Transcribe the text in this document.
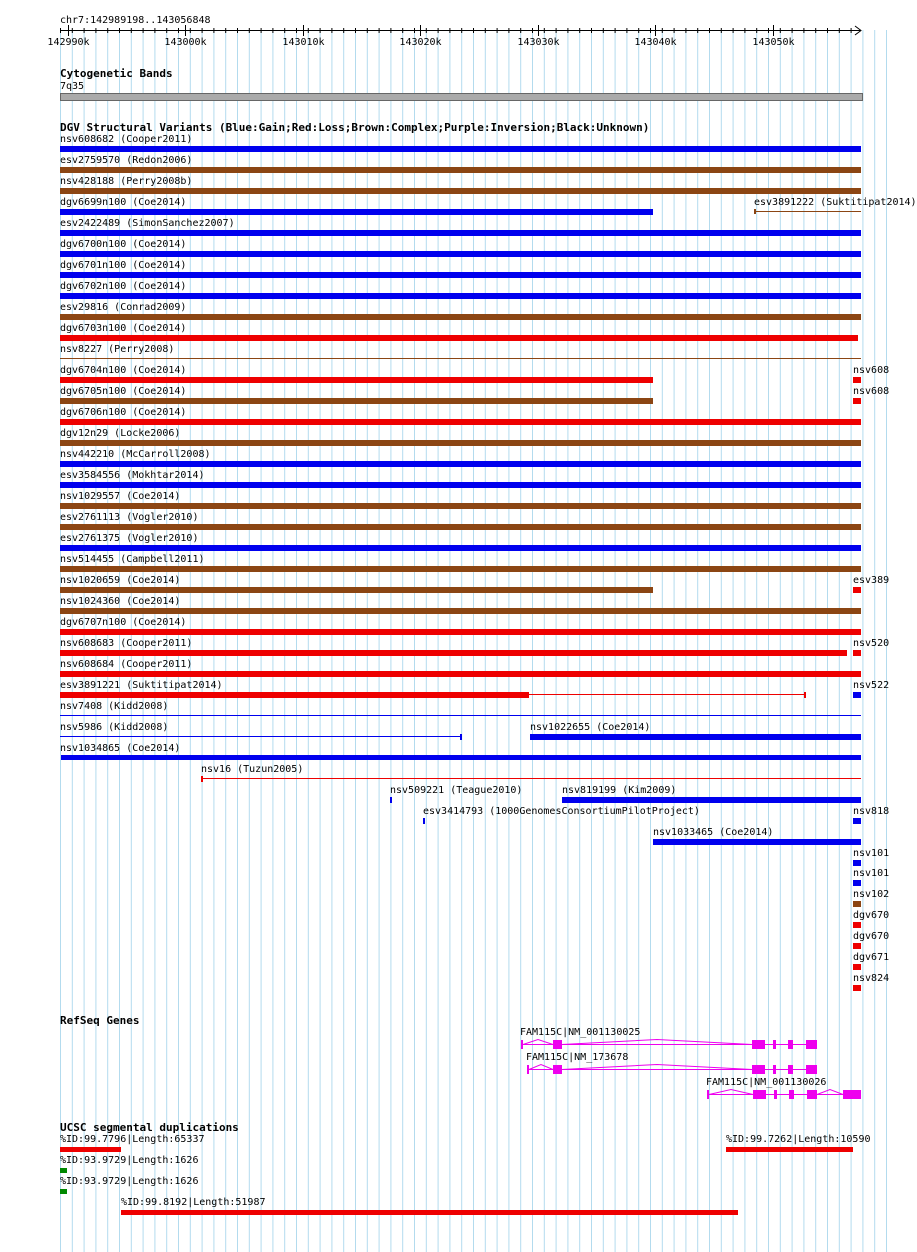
142990k	143000k	143010k	143020k	143030k	143040k	143050k
chr7:142989198..143056848
Cytogenetic Bands
7q35
DGV Structural Variants (Blue:Gain;Red:Loss;Brown:Complex;Purple:Inversion;Black:Unknown)
nsv608682 (Cooper2011)
esv2759570 (Redon2006)
nsv428188 (Perry2008b)
dgv6699n100 (Coe2014)	esv3891222 (Suktitipat2014)
esv2422489 (SimonSanchez2007)
dgv6700n100 (Coe2014)
dgv6701n100 (Coe2014)
dgv6702n100 (Coe2014)
esv29816 (Conrad2009)
dgv6703n100 (Coe2014)
nsv8227 (Perry2008)
dgv6704n100 (Coe2014)
dgv6705n100 (Coe2014)
dgv6706n100 (Coe2014)
dgv12n29 (Locke2006)
nsv442210 (McCarroll2008)
esv3584556 (Mokhtar2014)
nsv1029557 (Coe2014)
esv2761113 (Vogler2010)
esv2761375 (Vogler2010)
nsv514455 (Campbell2011)
nsv1020659 (Coe2014)
nsv1024360 (Coe2014)
dgv6707n100 (Coe2014)
nsv608683 (Cooper2011)
nsv608684 (Cooper2011)
esv3891221 (Suktitipat2014)
nsv7408 (Kidd2008)
nsv5986 (Kidd2008)	nsv1022655 (Coe2014)
nsv1034865 (Coe2014)
nsv16 (Tuzun2005)
nsv509221 (Teague2010)	nsv819199 (Kim2009)
esv3414793 (1000GenomesConsortiumPilotProject)
nsv1033465 (Coe2014)
nsv608
nsv608
esv389
nsv520
nsv522
nsv818
nsv101
nsv101
nsv102
dgv670
dgv670
dgv671
nsv824
RefSeq Genes
FAM115C|NM_001130025
FAM115C|NM_173678
FAM115C|NM_001130026
UCSC segmental duplications
%ID:99.7796|Length:65337	%ID:99.7262|Length:10590
%ID:93.9729|Length:1626
%ID:93.9729|Length:1626
%ID:99.8192|Length:51987
